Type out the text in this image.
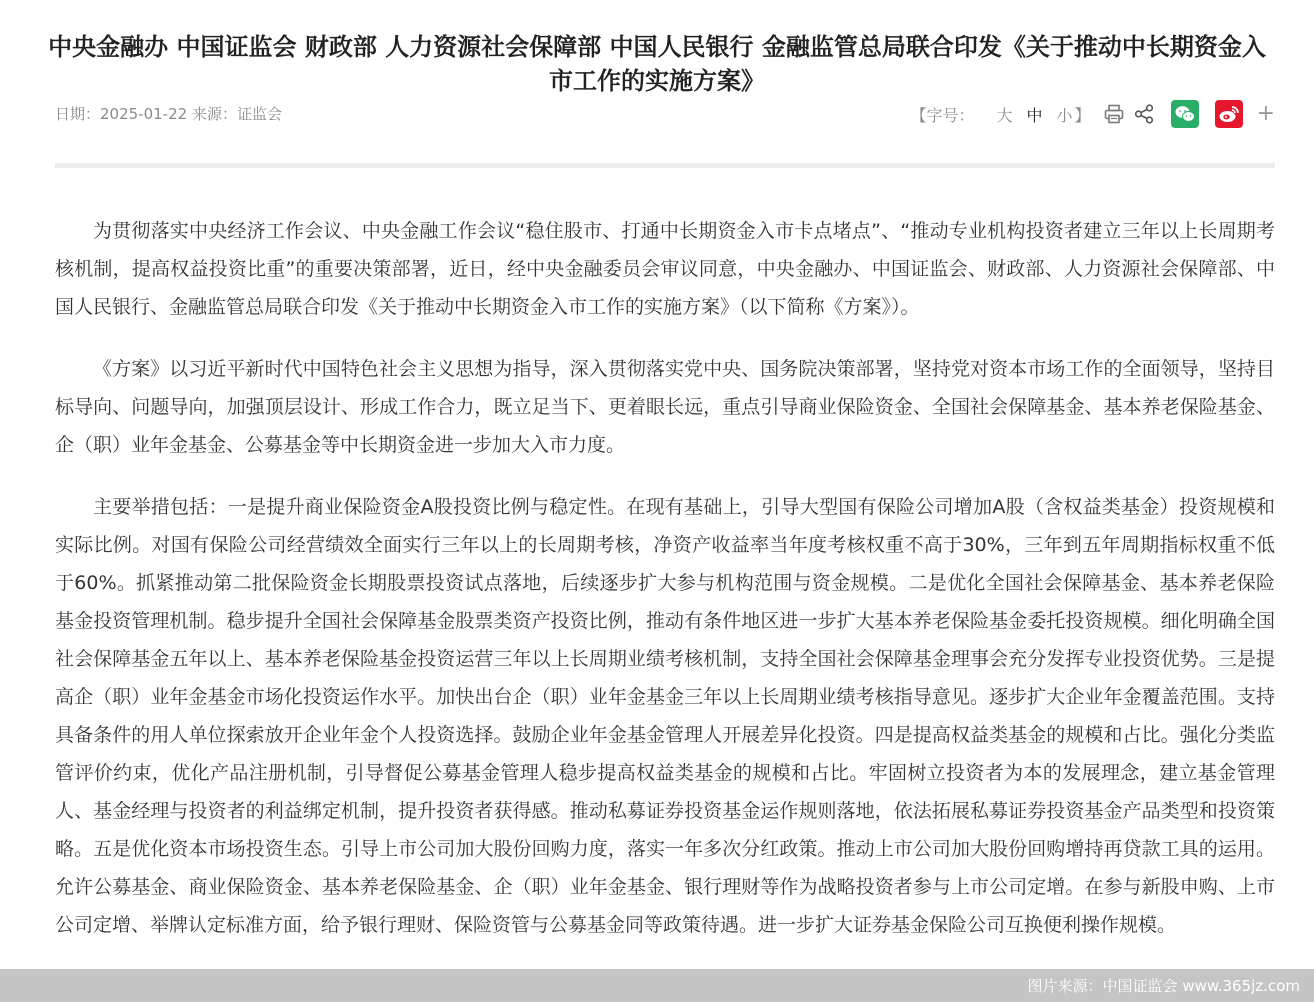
中央金融办 中国证监会 财政部 人力资源社会保障部 中国人民银行 金融监管总局联合印发《关于推动中长期资金入市工作的实施方案》
日期：2025-01-22 来源：证监会	【字号： 大 中 小 】	+

为贯彻落实中央经济工作会议、中央金融工作会议“稳住股市、打通中长期资金入市卡点堵点”、“推动专业机构投资者建立三年以上长周期考核机制，提高权益投资比重”的重要决策部署，近日，经中央金融委员会审议同意，中央金融办、中国证监会、财政部、人力资源社会保障部、中国人民银行、金融监管总局联合印发《关于推动中长期资金入市工作的实施方案》（以下简称《方案》）。

《方案》以习近平新时代中国特色社会主义思想为指导，深入贯彻落实党中央、国务院决策部署，坚持党对资本市场工作的全面领导，坚持目标导向、问题导向，加强顶层设计、形成工作合力，既立足当下、更着眼长远，重点引导商业保险资金、全国社会保障基金、基本养老保险基金、企（职）业年金基金、公募基金等中长期资金进一步加大入市力度。

主要举措包括：一是提升商业保险资金A股投资比例与稳定性。在现有基础上，引导大型国有保险公司增加A股（含权益类基金）投资规模和实际比例。对国有保险公司经营绩效全面实行三年以上的长周期考核，净资产收益率当年度考核权重不高于30%，三年到五年周期指标权重不低于60%。抓紧推动第二批保险资金长期股票投资试点落地，后续逐步扩大参与机构范围与资金规模。二是优化全国社会保障基金、基本养老保险基金投资管理机制。稳步提升全国社会保障基金股票类资产投资比例，推动有条件地区进一步扩大基本养老保险基金委托投资规模。细化明确全国社会保障基金五年以上、基本养老保险基金投资运营三年以上长周期业绩考核机制，支持全国社会保障基金理事会充分发挥专业投资优势。三是提高企（职）业年金基金市场化投资运作水平。加快出台企（职）业年金基金三年以上长周期业绩考核指导意见。逐步扩大企业年金覆盖范围。支持具备条件的用人单位探索放开企业年金个人投资选择。鼓励企业年金基金管理人开展差异化投资。四是提高权益类基金的规模和占比。强化分类监管评价约束，优化产品注册机制，引导督促公募基金管理人稳步提高权益类基金的规模和占比。牢固树立投资者为本的发展理念，建立基金管理人、基金经理与投资者的利益绑定机制，提升投资者获得感。推动私募证券投资基金运作规则落地，依法拓展私募证券投资基金产品类型和投资策略。五是优化资本市场投资生态。引导上市公司加大股份回购力度，落实一年多次分红政策。推动上市公司加大股份回购增持再贷款工具的运用。允许公募基金、商业保险资金、基本养老保险基金、企（职）业年金基金、银行理财等作为战略投资者参与上市公司定增。在参与新股申购、上市公司定增、举牌认定标准方面，给予银行理财、保险资管与公募基金同等政策待遇。进一步扩大证券基金保险公司互换便利操作规模。

图片来源：中国证监会 www.365jz.com
